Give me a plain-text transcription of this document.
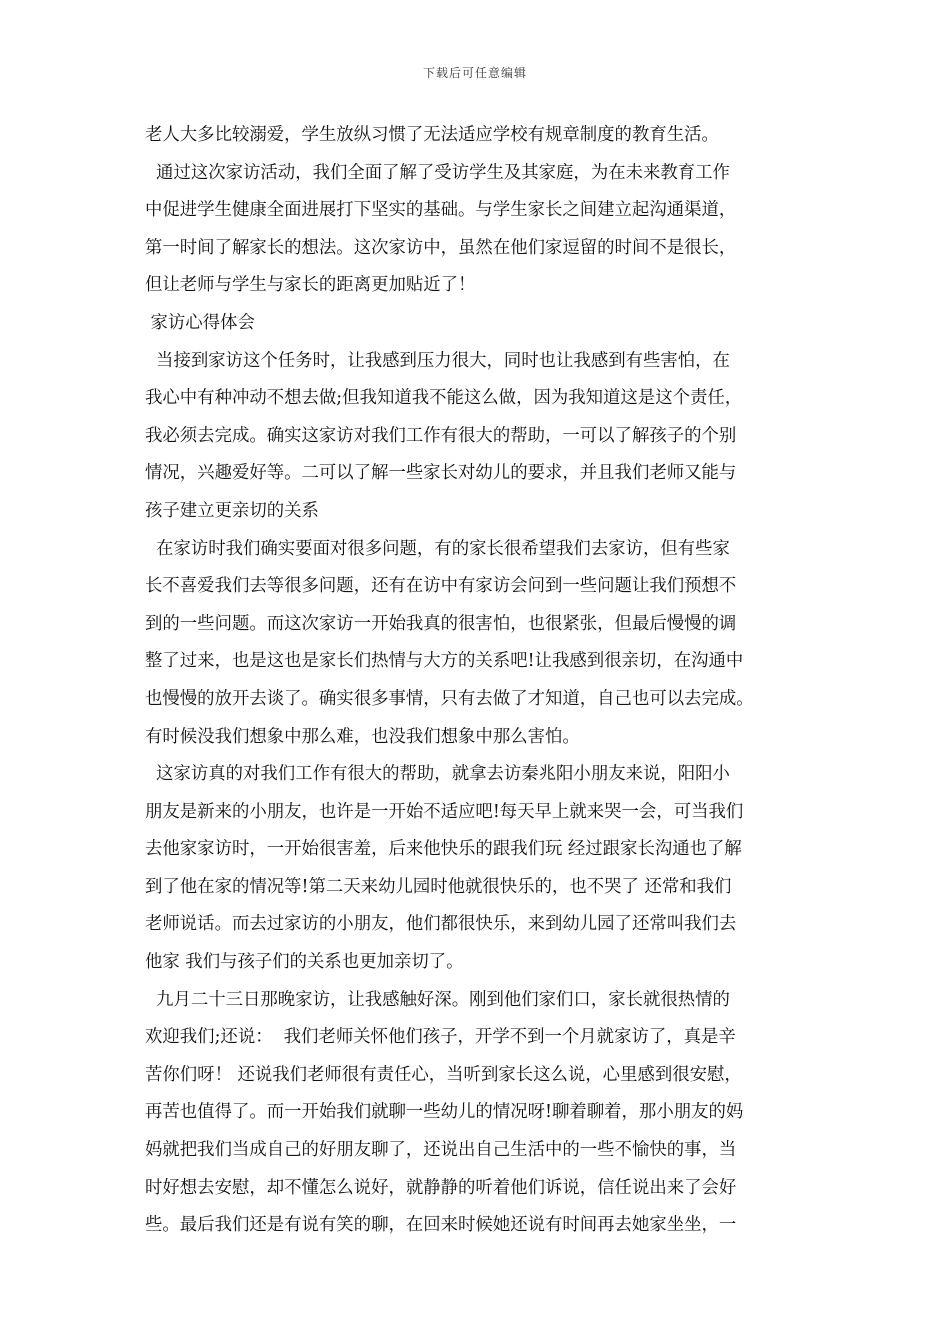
下载后可任意编辑
老人大多比较溺爱，学生放纵习惯了无法适应学校有规章制度的教育生活。
通过这次家访活动，我们全面了解了受访学生及其家庭，为在未来教育工作
中促进学生健康全面进展打下坚实的基础。与学生家长之间建立起沟通渠道，
第一时间了解家长的想法。这次家访中，虽然在他们家逗留的时间不是很长，
但让老师与学生与家长的距离更加贴近了！
家访心得体会
当接到家访这个任务时，让我感到压力很大，同时也让我感到有些害怕，在
我心中有种冲动不想去做;但我知道我不能这么做，因为我知道这是这个责任，
我必须去完成。确实这家访对我们工作有很大的帮助，一可以了解孩子的个别
情况，兴趣爱好等。二可以了解一些家长对幼儿的要求，并且我们老师又能与
孩子建立更亲切的关系
在家访时我们确实要面对很多问题，有的家长很希望我们去家访，但有些家
长不喜爱我们去等很多问题，还有在访中有家访会问到一些问题让我们预想不
到的一些问题。而这次家访一开始我真的很害怕，也很紧张，但最后慢慢的调
整了过来，也是这也是家长们热情与大方的关系吧!让我感到很亲切，在沟通中
也慢慢的放开去谈了。确实很多事情，只有去做了才知道，自己也可以去完成。
有时候没我们想象中那么难，也没我们想象中那么害怕。
这家访真的对我们工作有很大的帮助，就拿去访秦兆阳小朋友来说，阳阳小
朋友是新来的小朋友，也许是一开始不适应吧!每天早上就来哭一会，可当我们
去他家家访时，一开始很害羞，后来他快乐的跟我们玩 经过跟家长沟通也了解
到了他在家的情况等!第二天来幼儿园时他就很快乐的，也不哭了 还常和我们
老师说话。而去过家访的小朋友，他们都很快乐，来到幼儿园了还常叫我们去
他家 我们与孩子们的关系也更加亲切了。
九月二十三日那晚家访，让我感触好深。刚到他们家们口，家长就很热情的
欢迎我们;还说：  我们老师关怀他们孩子，开学不到一个月就家访了，真是辛
苦你们呀！ 还说我们老师很有责任心，当听到家长这么说，心里感到很安慰，
再苦也值得了。而一开始我们就聊一些幼儿的情况呀!聊着聊着，那小朋友的妈
妈就把我们当成自己的好朋友聊了，还说出自己生活中的一些不愉快的事，当
时好想去安慰，却不懂怎么说好，就静静的听着他们诉说，信任说出来了会好
些。最后我们还是有说有笑的聊，在回来时候她还说有时间再去她家坐坐，一
